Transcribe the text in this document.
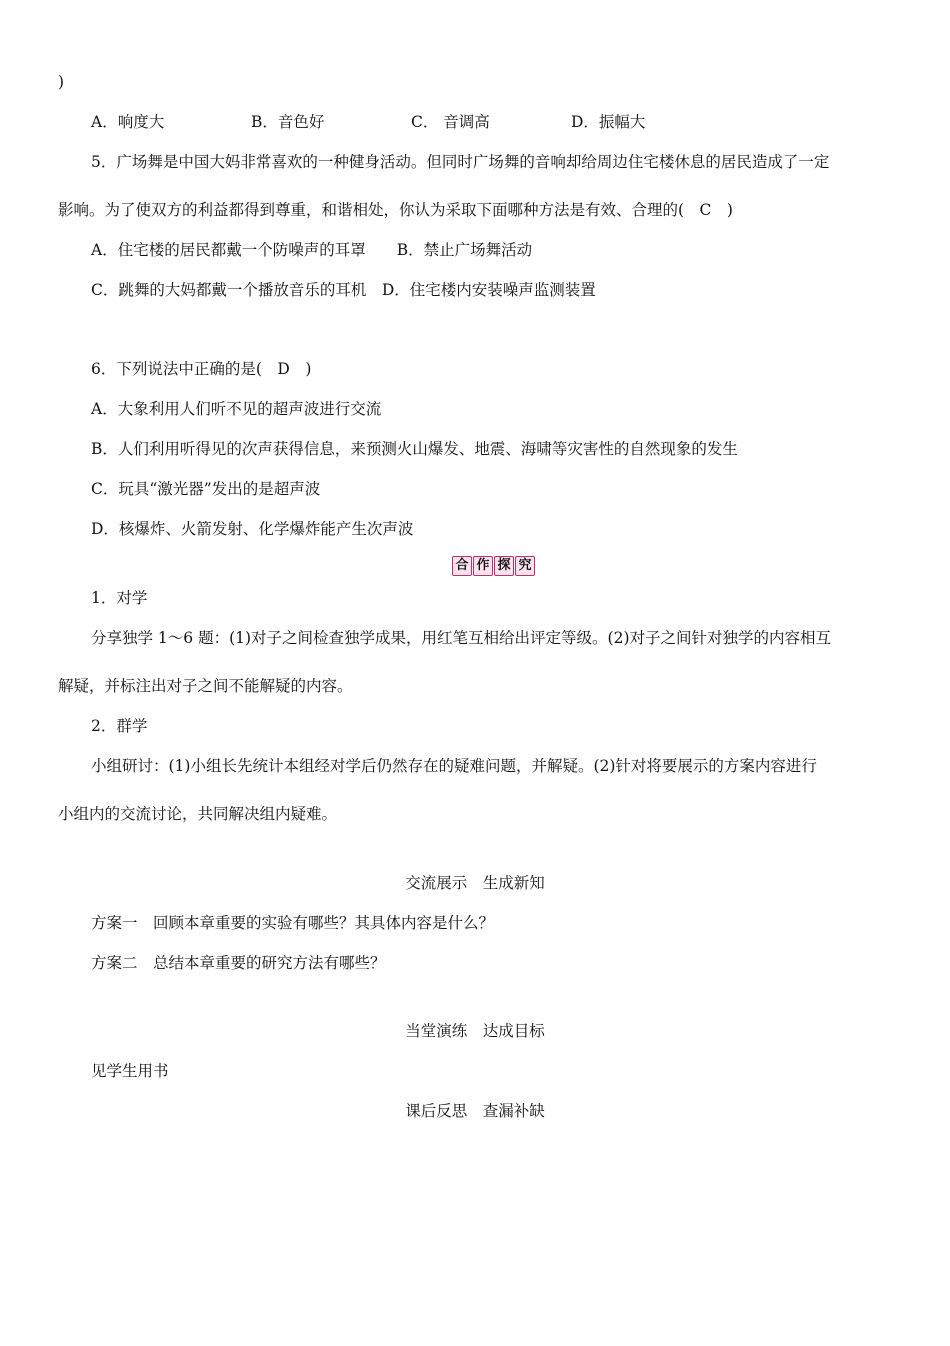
)
A．响度大	B．音色好	C． 音调高	D．振幅大
5．广场舞是中国大妈非常喜欢的一种健身活动。但同时广场舞的音响却给周边住宅楼休息的居民造成了一定
影响。为了使双方的利益都得到尊重，和谐相处，你认为采取下面哪种方法是有效、合理的(　C　)
A．住宅楼的居民都戴一个防噪声的耳罩　　B．禁止广场舞活动
C．跳舞的大妈都戴一个播放音乐的耳机　D．住宅楼内安装噪声监测装置
6．下列说法中正确的是(　D　)
A．大象利用人们听不见的超声波进行交流
B．人们利用听得见的次声获得信息，来预测火山爆发、地震、海啸等灾害性的自然现象的发生
C．玩具“激光器”发出的是超声波
D．核爆炸、火箭发射、化学爆炸能产生次声波
合 作 探 究
1．对学
分享独学 1～6 题：(1)对子之间检查独学成果，用红笔互相给出评定等级。(2)对子之间针对独学的内容相互
解疑，并标注出对子之间不能解疑的内容。
2．群学
小组研讨：(1)小组长先统计本组经对学后仍然存在的疑难问题，并解疑。(2)针对将要展示的方案内容进行
小组内的交流讨论，共同解决组内疑难。
交流展示　生成新知
方案一　回顾本章重要的实验有哪些？其具体内容是什么？
方案二　总结本章重要的研究方法有哪些？
当堂演练　达成目标
见学生用书
课后反思　查漏补缺
